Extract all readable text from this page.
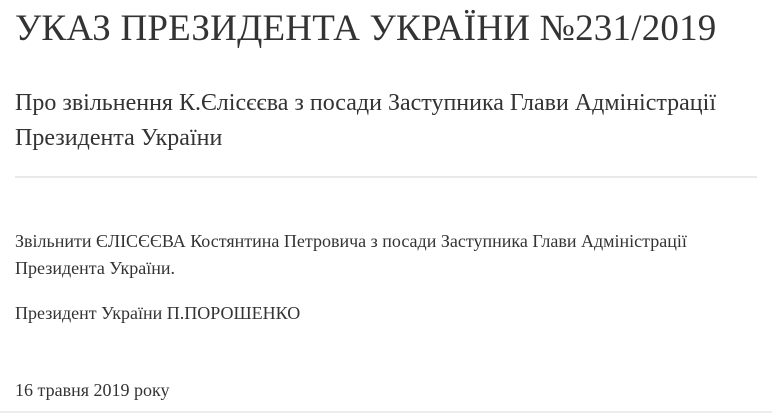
УКАЗ ПРЕЗИДЕНТА УКРАЇНИ №231/2019
Про звільнення К.Єлісєєва з посади Заступника Глави Адміністрації Президента України

Звільнити ЄЛІСЄЄВА Костянтина Петровича з посади Заступника Глави Адміністрації Президента України.

Президент України П.ПОРОШЕНКО

16 травня 2019 року
